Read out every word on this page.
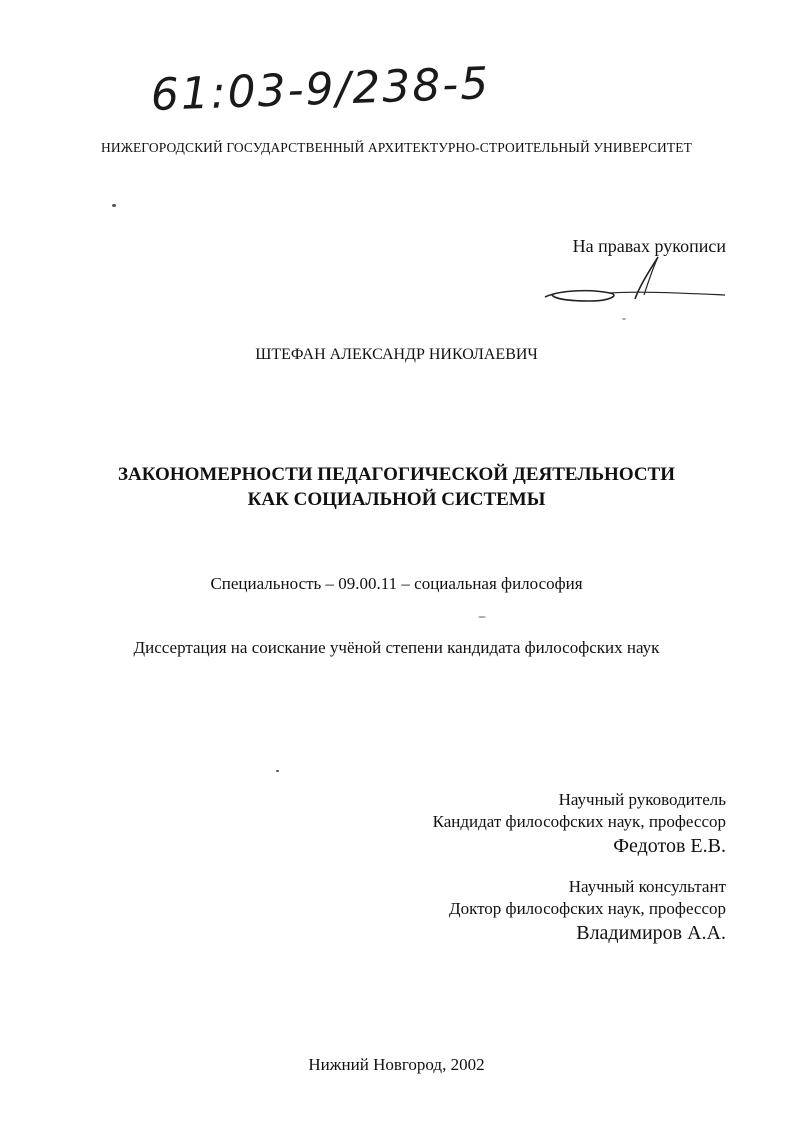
61:03-9/238-5
НИЖЕГОРОДСКИЙ ГОСУДАРСТВЕННЫЙ АРХИТЕКТУРНО-СТРОИТЕЛЬНЫЙ УНИВЕРСИТЕТ
На правах рукописи
ШТЕФАН АЛЕКСАНДР НИКОЛАЕВИЧ
ЗАКОНОМЕРНОСТИ ПЕДАГОГИЧЕСКОЙ ДЕЯТЕЛЬНОСТИ
КАК СОЦИАЛЬНОЙ СИСТЕМЫ
Специальность – 09.00.11 – социальная философия
Диссертация на соискание учёной степени кандидата философских наук
Научный руководитель
Кандидат философских наук, профессор
Федотов Е.В.
Научный консультант
Доктор философских наук, профессор
Владимиров А.А.
Нижний Новгород, 2002
